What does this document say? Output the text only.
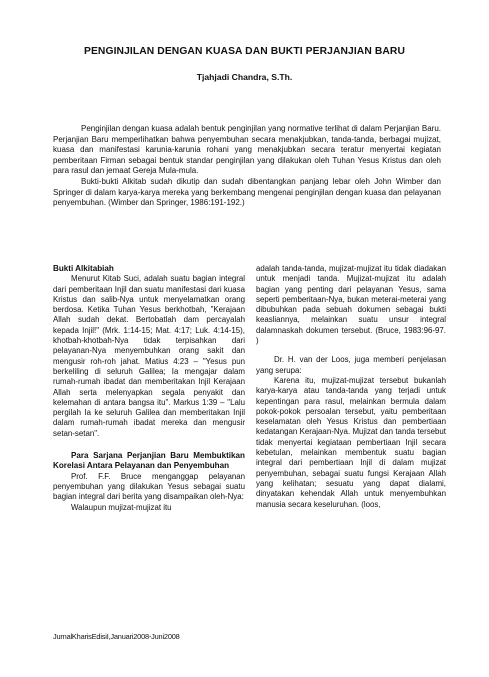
PENGINJILAN DENGAN KUASA DAN BUKTI PERJANJIAN BARU
Tjahjadi Chandra, S.Th.

Penginjilan dengan kuasa adalah bentuk penginjilan yang normative terlihat di dalam Perjanjian Baru. Perjanjian Baru memperlihatkan bahwa penyembuhan secara menakjubkan, tanda-tanda, berbagai mujizat, kuasa dan manifestasi karunia-karunia rohani yang menakjubkan secara teratur menyertai kegiatan pemberitaan Firman sebagai bentuk standar penginjilan yang dilakukan oleh Tuhan Yesus Kristus dan oleh para rasul dan jemaat Gereja Mula-mula.

Bukti-bukti Alkitab sudah dikutip dan sudah dibentangkan panjang lebar oleh John Wimber dan Springer di dalam karya-karya mereka yang berkembang mengenai penginjilan dengan kuasa dan pelayanan penyembuhan. (Wimber dan Springer, 1986:191-192.)

Bukti Alkitabiah

Menurut Kitab Suci, adalah suatu bagian integral dari pemberitaan Injil dan suatu manifestasi dari kuasa Kristus dan salib-Nya untuk menyelamatkan orang berdosa. Ketika Tuhan Yesus berkhotbah, "Kerajaan Allah sudah dekat. Bertobatlah dam percayalah kepada Injil!" (Mrk. 1:14-15; Mat. 4:17; Luk. 4:14-15), khotbah-khotbah-Nya tidak terpisahkan dari pelayanan-Nya menyembuhkan orang sakit dan mengusir roh-roh jahat. Matius 4:23 – "Yesus pun berkeliling di seluruh Galilea; Ia mengajar dalam rumah-rumah ibadat dan memberitakan Injil Kerajaan Allah serta melenyapkan segala penyakit dan kelemahan di antara bangsa itu". Markus 1:39 – "Lalu pergilah Ia ke seluruh Galilea dan memberitakan Injil dalam rumah-rumah ibadat mereka dan mengusir setan-setan".

Para Sarjana Perjanjian Baru Membuktikan Korelasi Antara Pelayanan dan Penyembuhan

Prof. F.F. Bruce menganggap pelayanan penyembuhan yang dilakukan Yesus sebagai suatu bagian integral dari berita yang disampaikan oleh-Nya:

Walaupun mujizat-mujizat itu

adalah tanda-tanda, mujizat-mujizat itu tidak diadakan untuk menjadi tanda. Mujizat-mujizat itu adalah bagian yang penting dari pelayanan Yesus, sama seperti pemberitaan-Nya, bukan meterai-meterai yang dibubuhkan pada sebuah dokumen sebagai bukti keasliannya, melainkan suatu unsur integral dalamnaskah dokumen tersebut. (Bruce, 1983:96-97. )

Dr. H. van der Loos, juga memberi penjelasan yang serupa:

Karena itu, mujizat-mujizat tersebut bukanlah karya-karya atau tanda-tanda yang terjadi untuk kepentingan para rasul, melainkan bermula dalam pokok-pokok persoalan tersebut, yaitu pemberitaan keselamatan oleh Yesus Kristus dan pembertiaan kedatangan Kerajaan-Nya. Mujizat dan tanda tersebut tidak menyertai kegiataan pembertiaan Injil secara kebetulan, melainkan membentuk suatu bagian integral dari pembertiaan Injil di dalam mujizat penyembuhan, sebagai suatu fungsi Kerajaan Allah yang kelihatan; sesuatu yang dapat dialami, dinyatakan kehendak Allah untuk menyembuhkan manusia secara keseluruhan. (loos,

JurnalKharisEdisiI,Januari2008-Juni2008
